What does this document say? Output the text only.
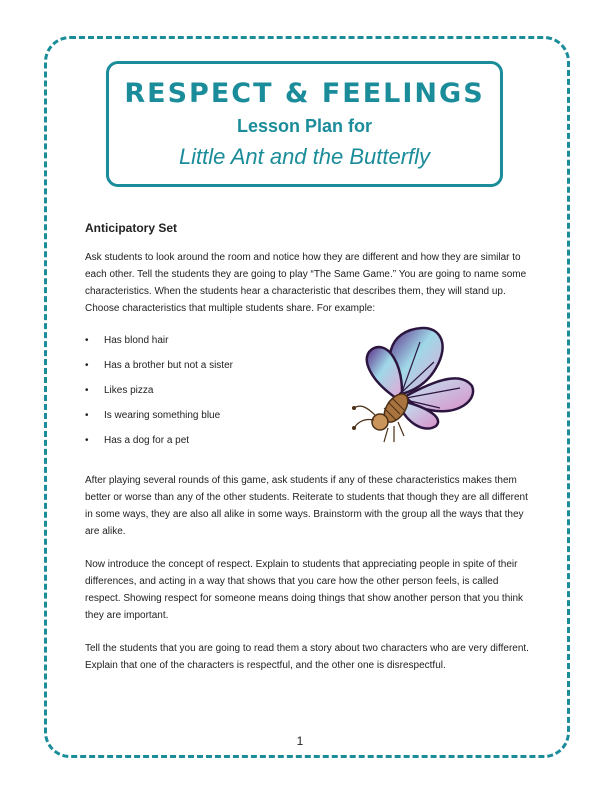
RESPECT & FEELINGS
Lesson Plan for
Little Ant and the Butterfly
Anticipatory Set

Ask students to look around the room and notice how they are different and how they are similar to each other. Tell the students they are going to play “The Same Game.” You are going to name some characteristics. When the students hear a characteristic that describes them, they will stand up. Choose characteristics that multiple students share. For example:

• Has blond hair
• Has a brother but not a sister
• Likes pizza
• Is wearing something blue
• Has a dog for a pet

After playing several rounds of this game, ask students if any of these characteristics makes them better or worse than any of the other students. Reiterate to students that though they are all different in some ways, they are also all alike in some ways. Brainstorm with the group all the ways that they are alike.

Now introduce the concept of respect. Explain to students that appreciating people in spite of their differences, and acting in a way that shows that you care how the other person feels, is called respect. Showing respect for someone means doing things that show another person that you think they are important.

Tell the students that you are going to read them a story about two characters who are very different. Explain that one of the characters is respectful, and the other one is disrespectful.

1
